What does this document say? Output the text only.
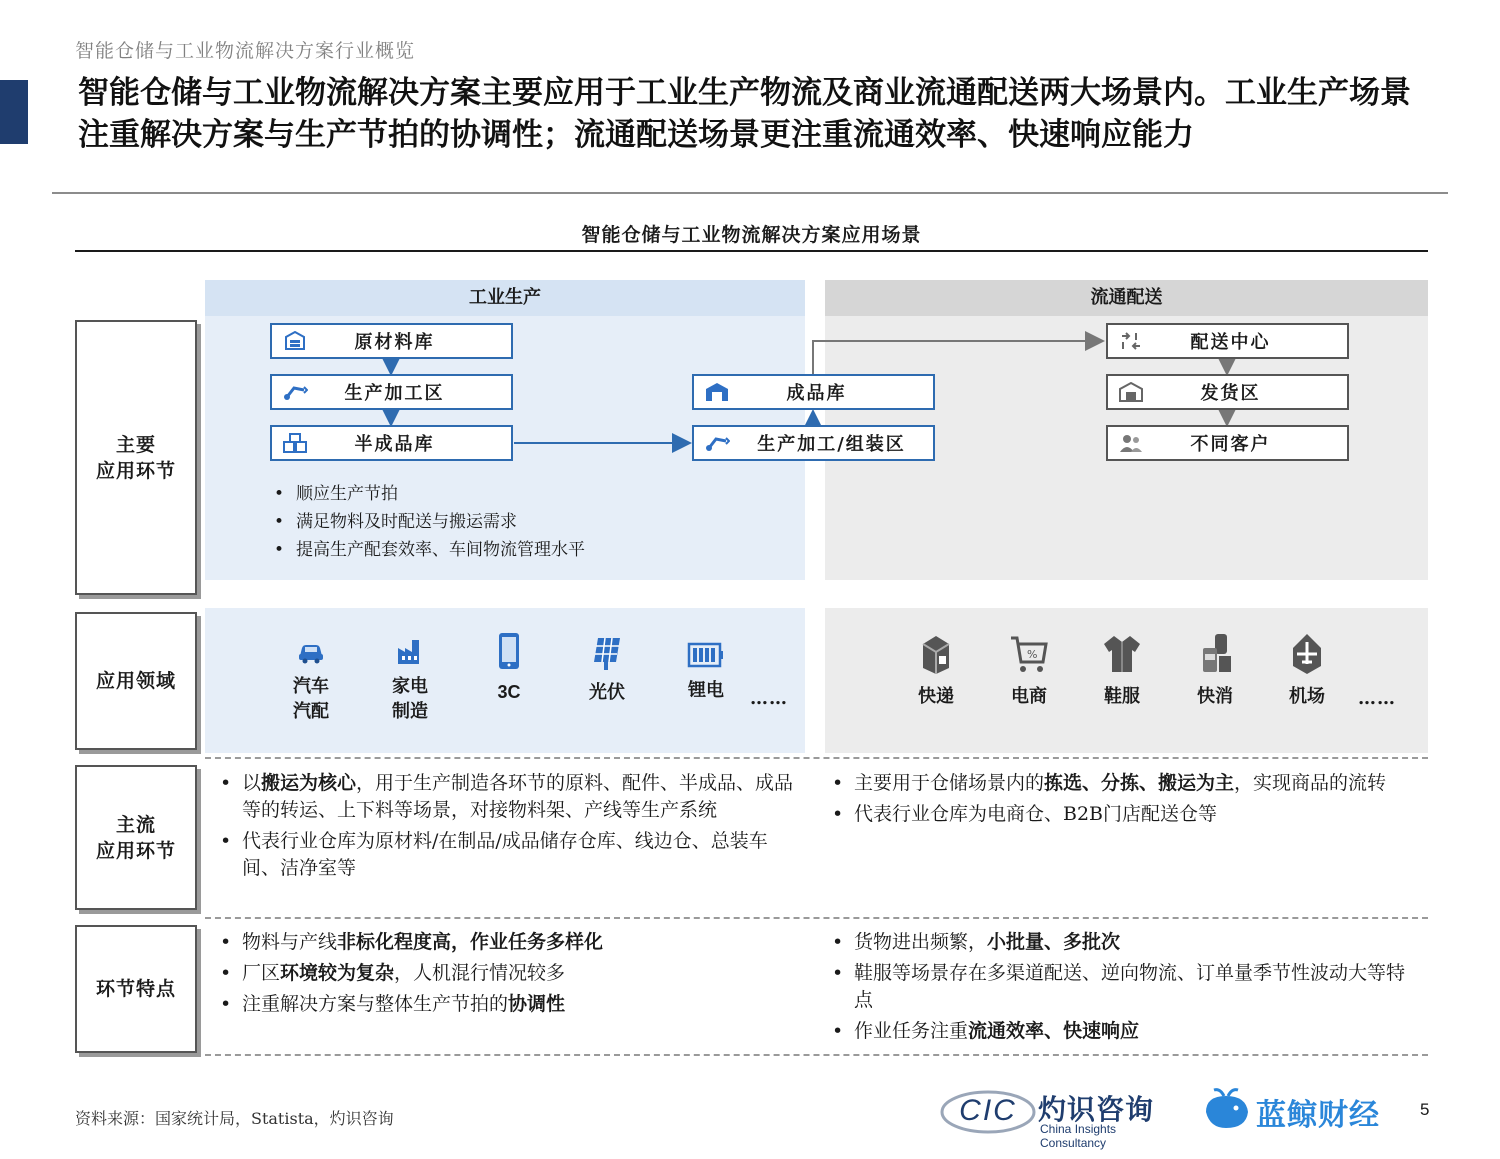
智能仓储与工业物流解决方案行业概览
智能仓储与工业物流解决方案主要应用于工业生产物流及商业流通配送两大场景内。工业生产场景注重解决方案与生产节拍的协调性；流通配送场景更注重流通效率、快速响应能力
智能仓储与工业物流解决方案应用场景
工业生产	流通配送
主要
应用环节
应用领域
主流
应用环节
环节特点
原材料库
生产加工区
半成品库
成品库
生产加工/组装区
配送中心
发货区
不同客户
• 顺应生产节拍
• 满足物料及时配送与搬运需求
• 提高生产配套效率、车间物流管理水平
汽车
汽配
家电
制造
3C	光伏	锂电	……	快递
%
电商	鞋服	快消	机场	……
• 以搬运为核心，用于生产制造各环节的原料、配件、半成品、成品等的转运、上下料等场景，对接物料架、产线等生产系统
• 代表行业仓库为原材料/在制品/成品储存仓库、线边仓、总装车间、洁净室等
• 主要用于仓储场景内的拣选、分拣、搬运为主，实现商品的流转
• 代表行业仓库为电商仓、B2B门店配送仓等
• 物料与产线非标化程度高，作业任务多样化
• 厂区环境较为复杂，人机混行情况较多
• 注重解决方案与整体生产节拍的协调性
• 货物进出频繁，小批量、多批次
• 鞋服等场景存在多渠道配送、逆向物流、订单量季节性波动大等特点
• 作业任务注重流通效率、快速响应
资料来源：国家统计局，Statista，灼识咨询	CIC 灼识咨询
China Insights Consultancy
蓝鲸财经 5
